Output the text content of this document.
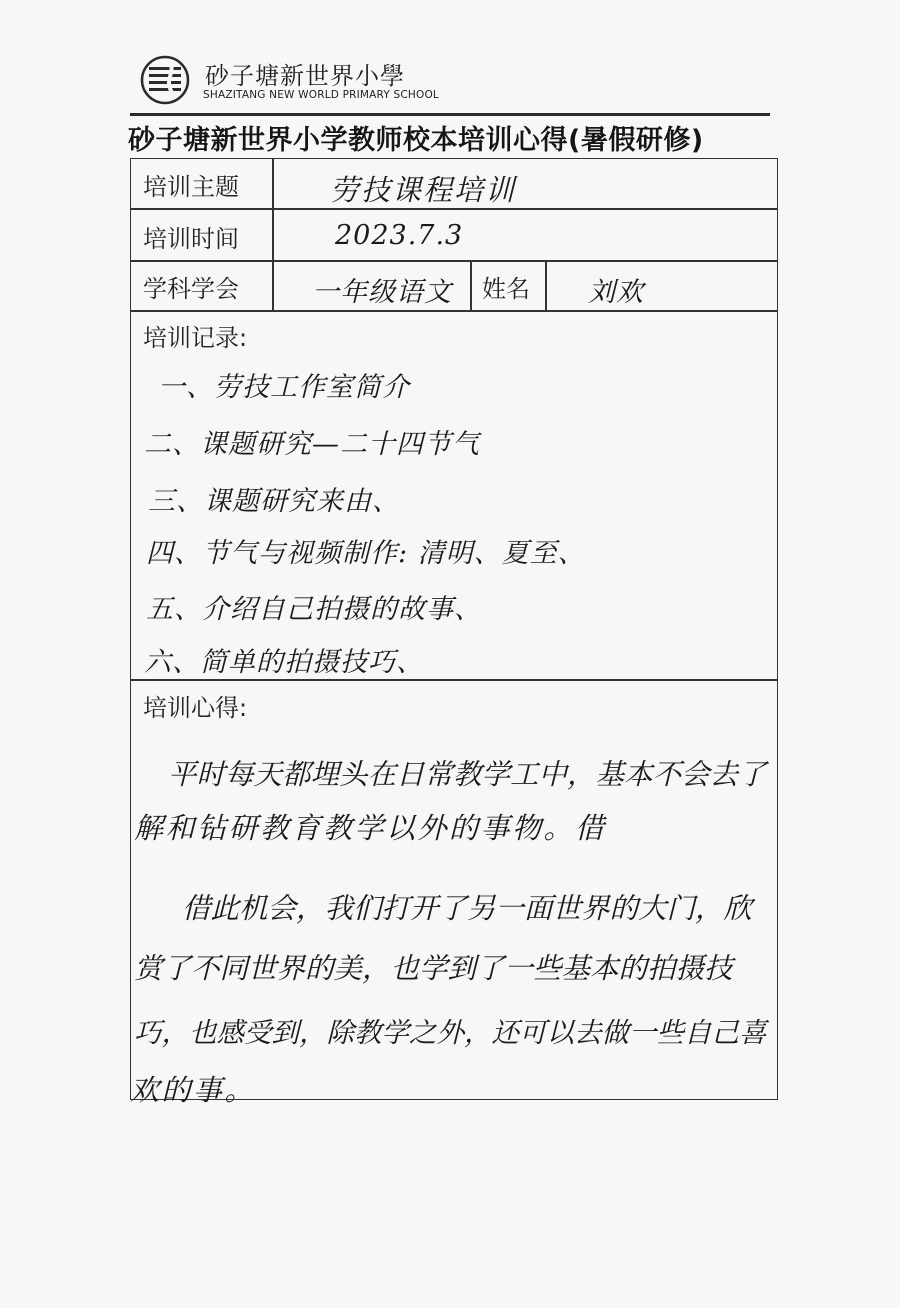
砂子塘新世界小學
SHAZITANG NEW WORLD PRIMARY SCHOOL
砂子塘新世界小学教师校本培训心得(暑假研修)
培训主题	劳技课程培训
培训时间	2023.7.3
学科学会	一年级语文 姓名 刘欢
培训记录:
一、劳技工作室简介
二、课题研究—二十四节气
三、课题研究来由、
四、节气与视频制作: 清明、夏至、
五、介绍自己拍摄的故事、
六、简单的拍摄技巧、
培训心得:
平时每天都埋头在日常教学工中，基本不会去了
解和钻研教育教学以外的事物。借
借此机会，我们打开了另一面世界的大门，欣
赏了不同世界的美，也学到了一些基本的拍摄技
巧，也感受到，除教学之外，还可以去做一些自己喜
欢的事。
